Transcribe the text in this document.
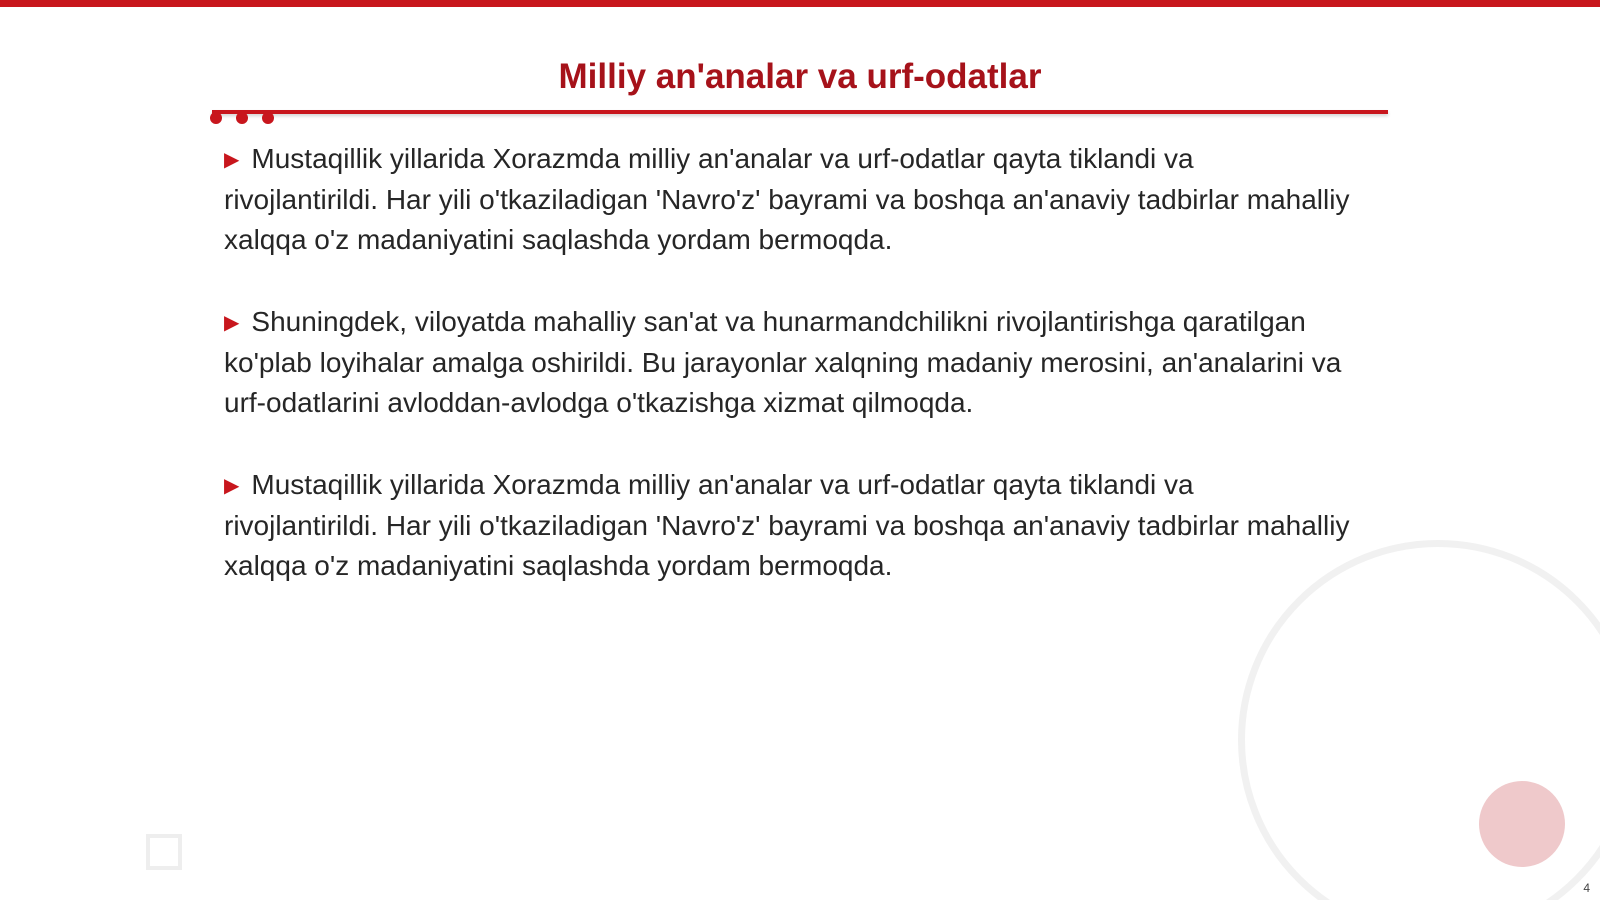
Milliy an'analar va urf-odatlar

▶ Mustaqillik yillarida Xorazmda milliy an'analar va urf-odatlar qayta tiklandi va rivojlantirildi. Har yili o'tkaziladigan 'Navro'z' bayrami va boshqa an'anaviy tadbirlar mahalliy xalqqa o'z madaniyatini saqlashda yordam bermoqda.

▶ Shuningdek, viloyatda mahalliy san'at va hunarmandchilikni rivojlantirishga qaratilgan ko'plab loyihalar amalga oshirildi. Bu jarayonlar xalqning madaniy merosini, an'analarini va urf-odatlarini avloddan-avlodga o'tkazishga xizmat qilmoqda.

▶ Mustaqillik yillarida Xorazmda milliy an'analar va urf-odatlar qayta tiklandi va rivojlantirildi. Har yili o'tkaziladigan 'Navro'z' bayrami va boshqa an'anaviy tadbirlar mahalliy xalqqa o'z madaniyatini saqlashda yordam bermoqda.

4
